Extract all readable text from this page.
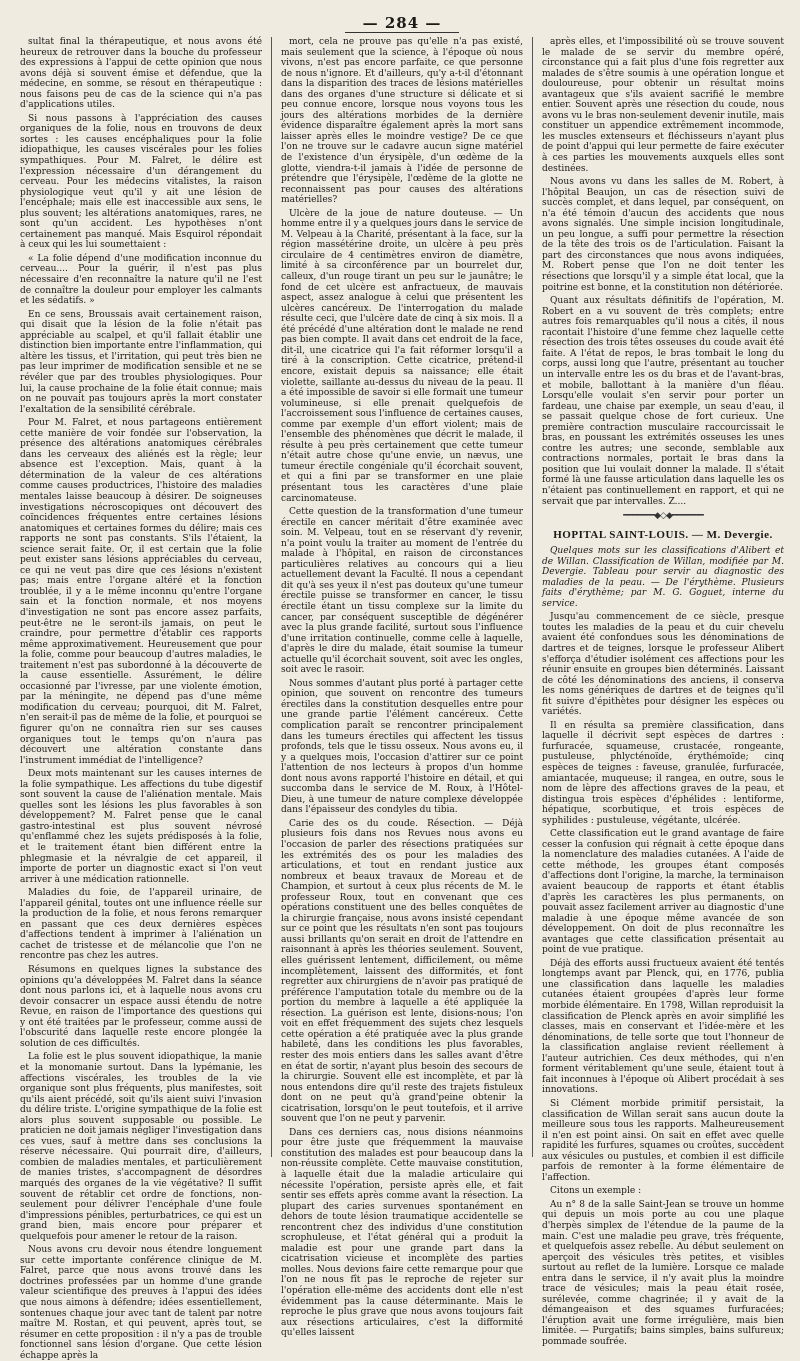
— 284 —

sultat final la thérapeutique, et nous avons été heureux de retrouver dans la bouche du professeur des expressions à l'appui de cette opinion que nous avons déjà si souvent émise et défendue, que la médecine, en somme, se résout en thérapeutique : nous faisons peu de cas de la science qui n'a pas d'applications utiles.

Si nous passons à l'appréciation des causes organiques de la folie, nous en trouvons de deux sortes : les causes encéphaliques pour la folie idiopathique, les causes viscérales pour les folies sympathiques. Pour M. Falret, le délire est l'expression nécessaire d'un dérangement du cerveau. Pour les médecins vitalistes, la raison physiologique veut qu'il y ait une lésion de l'encéphale; mais elle est inaccessible aux sens, le plus souvent; les altérations anatomiques, rares, ne sont qu'un accident. Les hypothèses n'ont certainement pas manqué. Mais Esquirol répondait à ceux qui les lui soumettaient :

« La folie dépend d'une modification inconnue du cerveau.... Pour la guérir, il n'est pas plus nécessaire d'en reconnaître la nature qu'il ne l'est de connaître la douleur pour employer les calmants et les sédatifs. »

En ce sens, Broussais avait certainement raison, qui disait que la lésion de la folie n'était pas appréciable au scalpel, et qu'il fallait établir une distinction bien importante entre l'inflammation, qui altère les tissus, et l'irritation, qui peut très bien ne pas leur imprimer de modification sensible et ne se révéler que par des troubles physiologiques. Pour lui, la cause prochaine de la folie était connue; mais on ne pouvait pas toujours après la mort constater l'exaltation de la sensibilité cérébrale.

Pour M. Falret, et nous partageons entièrement cette manière de voir fondée sur l'observation, la présence des altérations anatomiques cérébrales dans les cerveaux des aliénés est la règle; leur absence est l'exception. Mais, quant à la détermination de la valeur de ces altérations comme causes productrices, l'histoire des maladies mentales laisse beaucoup à désirer. De soigneuses investigations nécroscopiques ont découvert des coïncidences fréquentes entre certaines lésions anatomiques et certaines formes du délire; mais ces rapports ne sont pas constants. S'ils l'étaient, la science serait faite. Or, il est certain que la folie peut exister sans lésions appréciables du cerveau, ce qui ne veut pas dire que ces lésions n'existent pas; mais entre l'organe altéré et la fonction troublée, il y a le même inconnu qu'entre l'organe sain et la fonction normale, et nos moyens d'investigation ne sont pas encore assez parfaits, peut-être ne le seront-ils jamais, on peut le craindre, pour permettre d'établir ces rapports même approximativement. Heureusement que pour la folie, comme pour beaucoup d'autres maladies, le traitement n'est pas subordonné à la découverte de la cause essentielle. Assurément, le délire occasionné par l'ivresse, par une violente émotion, par la méningite, ne dépend pas d'une même modification du cerveau; pourquoi, dit M. Falret, n'en serait-il pas de même de la folie, et pourquoi se figurer qu'on ne connaîtra rien sur ses causes organiques tout le temps qu'on n'aura pas découvert une altération constante dans l'instrument immédiat de l'intelligence?

Deux mots maintenant sur les causes internes de la folie sympathique. Les affections du tube digestif sont souvent la cause de l'aliénation mentale. Mais quelles sont les lésions les plus favorables à son développement? M. Falret pense que le canal gastro-intestinal est plus souvent névrosé qu'enflammé chez les sujets prédisposés à la folie, et le traitement étant bien différent entre la phlegmasie et la névralgie de cet appareil, il importe de porter un diagnostic exact si l'on veut arriver à une médication rationnelle.

Maladies du foie, de l'appareil urinaire, de l'appareil génital, toutes ont une influence réelle sur la production de la folie, et nous ferons remarquer en passant que ces deux dernières espèces d'affections tendent à imprimer à l'aliénation un cachet de tristesse et de mélancolie que l'on ne rencontre pas chez les autres.

Résumons en quelques lignes la substance des opinions qu'a développées M. Falret dans la séance dont nous parlons ici, et à laquelle nous avons cru devoir consacrer un espace aussi étendu de notre Revue, en raison de l'importance des questions qui y ont été traitées par le professeur, comme aussi de l'obscurité dans laquelle reste encore plongée la solution de ces difficultés.

La folie est le plus souvent idiopathique, la manie et la monomanie surtout. Dans la lypémanie, les affections viscérales, les troubles de la vie organique sont plus fréquents, plus manifestes, soit qu'ils aient précédé, soit qu'ils aient suivi l'invasion du délire triste. L'origine sympathique de la folie est alors plus souvent supposable ou possible. Le praticien ne doit jamais négliger l'investigation dans ces vues, sauf à mettre dans ses conclusions la réserve nécessaire. Qui pourrait dire, d'ailleurs, combien de maladies mentales, et particulièrement de manies tristes, s'accompagnent de désordres marqués des organes de la vie végétative? Il suffit souvent de rétablir cet ordre de fonctions, non-seulement pour délivrer l'encéphale d'une foule d'impressions pénibles, perturbatrices, ce qui est un grand bien, mais encore pour préparer et quelquefois pour amener le retour de la raison.

Nous avons cru devoir nous étendre longuement sur cette importante conférence clinique de M. Falret, parce que nous avons trouvé dans les doctrines professées par un homme d'une grande valeur scientifique des preuves à l'appui des idées que nous aimons à défendre; idées essentiellement, sontenues chaque jour avec tant de talent par notre maître M. Rostan, et qui peuvent, après tout, se résumer en cette proposition : il n'y a pas de trouble fonctionnel sans lésion d'organe. Que cette lésion échappe après la

mort, cela ne prouve pas qu'elle n'a pas existé, mais seulement que la science, à l'époque où nous vivons, n'est pas encore parfaite, ce que personne de nous n'ignore. Et d'ailleurs, qu'y a-t-il d'étonnant dans la disparition des traces de lésions matérielles dans des organes d'une structure si délicate et si peu connue encore, lorsque nous voyons tous les jours des altérations morbides de la dernière évidence disparaître également après la mort sans laisser après elles le moindre vestige? De ce que l'on ne trouve sur le cadavre aucun signe matériel de l'existence d'un érysipèle, d'un œdème de la glotte, viendra-t-il jamais à l'idée de personne de prétendre que l'érysipèle, l'œdème de la glotte ne reconnaissent pas pour causes des altérations matérielles?

Ulcère de la joue de nature douteuse. — Un homme entre il y a quelques jours dans le service de M. Velpeau à la Charité, présentant à la face, sur la région massétérine droite, un ulcère à peu près circulaire de 4 centimètres environ de diamètre, limité à sa circonférence par un bourrelet dur, calleux, d'un rouge tirant un peu sur le jaunâtre; le fond de cet ulcère est anfractueux, de mauvais aspect, assez analogue à celui que présentent les ulcères cancéreux. De l'interrogation du malade résulte ceci, que l'ulcère date de cinq à six mois. Il a été précédé d'une altération dont le malade ne rend pas bien compte. Il avait dans cet endroit de la face, dit-il, une cicatrice qui l'a fait réformer lorsqu'il a tiré à la conscription. Cette cicatrice, prétend-il encore, existait depuis sa naissance; elle était violette, saillante au-dessus du niveau de la peau. Il a été impossible de savoir si elle formait une tumeur volumineuse, si elle prenait quelquefois de l'accroissement sous l'influence de certaines causes, comme par exemple d'un effort violent; mais de l'ensemble des phénomènes que décrit le malade, il résulte à peu près certainement que cette tumeur n'était autre chose qu'une envie, un nævus, une tumeur érectile congéniale qu'il écorchait souvent, et qui a fini par se transformer en une plaie présentant tous les caractères d'une plaie carcinomateuse.

Cette question de la transformation d'une tumeur érectile en cancer méritait d'être examinée avec soin. M. Velpeau, tout en se réservant d'y revenir, n'a point voulu la traiter au moment de l'entrée du malade à l'hôpital, en raison de circonstances particulières relatives au concours qui a lieu actuellement devant la Faculté. Il nous a cependant dit qu'à ses yeux il n'est pas douteux qu'une tumeur érectile puisse se transformer en cancer, le tissu érectile étant un tissu complexe sur la limite du cancer, par conséquent susceptible de dégénérer avec la plus grande facilité, surtout sous l'influence d'une irritation continuelle, comme celle à laquelle, d'après le dire du malade, était soumise la tumeur actuelle qu'il écorchait souvent, soit avec les ongles, soit avec le rasoir.

Nous sommes d'autant plus porté à partager cette opinion, que souvent on rencontre des tumeurs érectiles dans la constitution desquelles entre pour une grande partie l'élément cancéreux. Cette complication paraît se rencontrer principalement dans les tumeurs érectiles qui affectent les tissus profonds, tels que le tissu osseux. Nous avons eu, il y a quelques mois, l'occasion d'attirer sur ce point l'attention de nos lecteurs à propos d'un homme dont nous avons rapporté l'histoire en détail, et qui succomba dans le service de M. Roux, à l'Hôtel-Dieu, à une tumeur de nature complexe développée dans l'épaisseur des condyles du tibia.

Carie des os du coude. Résection. — Déjà plusieurs fois dans nos Revues nous avons eu l'occasion de parler des résections pratiquées sur les extrémités des os pour les maladies des articulations, et tout en rendant justice aux nombreux et beaux travaux de Moreau et de Champion, et surtout à ceux plus récents de M. le professeur Roux, tout en convenant que ces opérations constituent une des belles conquêtes de la chirurgie française, nous avons insisté cependant sur ce point que les résultats n'en sont pas toujours aussi brillants qu'on serait en droit de l'attendre en raisonnant à après les théories seulement. Souvent, elles guérissent lentement, difficilement, ou même incomplètement, laissent des difformités, et font regretter aux chirurgiens de n'avoir pas pratiqué de préférence l'amputation totale du membre ou de la portion du membre à laquelle a été appliquée la résection. La guérison est lente, disions-nous; l'on voit en effet fréquemment des sujets chez lesquels cette opération a été pratiquée avec la plus grande habileté, dans les conditions les plus favorables, rester des mois entiers dans les salles avant d'être en état de sortir, n'ayant plus besoin des secours de la chirurgie. Souvent elle est incomplète, et par là nous entendons dire qu'il reste des trajets fistuleux dont on ne peut qu'à grand'peine obtenir la cicatrisation, lorsqu'on le peut toutefois, et il arrive souvent que l'on ne peut y parvenir.

Dans ces derniers cas, nous disions néanmoins pour être juste que fréquemment la mauvaise constitution des malades est pour beaucoup dans la non-réussite complète. Cette mauvaise constitution, à laquelle était due la maladie articulaire qui nécessite l'opération, persiste après elle, et fait sentir ses effets après comme avant la résection. La plupart des caries survenues spontanément en dehors de toute lésion traumatique accidentelle se rencontrent chez des individus d'une constitution scrophuleuse, et l'état général qui a produit la maladie est pour une grande part dans la cicatrisation vicieuse et incomplète des parties molles. Nous devions faire cette remarque pour que l'on ne nous fît pas le reproche de rejeter sur l'opération elle-même des accidents dont elle n'est évidemment pas la cause déterminante. Mais le reproche le plus grave que nous avons toujours fait aux résections articulaires, c'est la difformité qu'elles laissent

après elles, et l'impossibilité où se trouve souvent le malade de se servir du membre opéré, circonstance qui a fait plus d'une fois regretter aux malades de s'être soumis à une opération longue et douloureuse, pour obtenir un résultat moins avantageux que s'ils avaient sacrifié le membre entier. Souvent après une résection du coude, nous avons vu le bras non-seulement devenir inutile, mais constituer un appendice extrêmement incommode, les muscles extenseurs et fléchisseurs n'ayant plus de point d'appui qui leur permette de faire exécuter à ces parties les mouvements auxquels elles sont destinées.

Nous avons vu dans les salles de M. Robert, à l'hôpital Beaujon, un cas de résection suivi de succès complet, et dans lequel, par conséquent, on n'a été témoin d'aucun des accidents que nous avons signalés. Une simple incision longitudinale, un peu longue, a suffi pour permettre la résection de la tête des trois os de l'articulation. Faisant la part des circonstances que nous avons indiquées, M. Robert pense que l'on ne doit tenter les résections que lorsqu'il y a simple état local, que la poitrine est bonne, et la constitution non détériorée.

Quant aux résultats définitifs de l'opération, M. Robert en a vu souvent de très complets; entre autres fois remarquables qu'il nous a cités, il nous racontait l'histoire d'une femme chez laquelle cette résection des trois têtes osseuses du coude avait été faite. A l'état de repos, le bras tombait le long du corps, aussi long que l'autre, présentant au toucher un intervalle entre les os du bras et de l'avant-bras, et mobile, ballottant à la manière d'un fléau. Lorsqu'elle voulait s'en servir pour porter un fardeau, une chaise par exemple, un seau d'eau, il se passait quelque chose de fort curieux. Une première contraction musculaire raccourcissait le bras, en poussant les extrémités osseuses les unes contre les autres; une seconde, semblable aux contractions normales, portait le bras dans la position que lui voulait donner la malade. Il s'était formé là une fausse articulation dans laquelle les os n'étaient pas continuellement en rapport, et qui ne servait que par intervalles. Z....

━━━━━━━◆◇◆━━━━━━━
HOPITAL SAINT-LOUIS. — M. Devergie.

Quelques mots sur les classifications d'Alibert et de Willan. Classification de Willan, modifiée par M. Devergie. Tableau pour servir au diagnostic des maladies de la peau. — De l'érythème. Plusieurs faits d'érythème; par M. G. Goguet, interne du service.

Jusqu'au commencement de ce siècle, presque toutes les maladies de la peau et du cuir chevelu avaient été confondues sous les dénominations de dartres et de teignes, lorsque le professeur Alibert s'efforça d'étudier isolément ces affections pour les réunir ensuite en groupes bien déterminés. Laissant de côté les dénominations des anciens, il conserva les noms génériques de dartres et de teignes qu'il fit suivre d'épithètes pour désigner les espèces ou variétés.

Il en résulta sa première classification, dans laquelle il décrivit sept espèces de dartres : furfuracée, squameuse, crustacée, rongeante, pustuleuse, phlycténoïde, érythémoïde; cinq espèces de teignes : faveuse, granulée, furfuracée, amiantacée, muqueuse; il rangea, en outre, sous le nom de lèpre des affections graves de la peau, et distingua trois espèces d'éphélides : lentiforme, hépatique, scorbutique, et trois espèces de syphilides : pustuleuse, végétante, ulcérée.

Cette classification eut le grand avantage de faire cesser la confusion qui régnait à cette époque dans la nomenclature des maladies cutanées. A l'aide de cette méthode, les groupes étant composés d'affections dont l'origine, la marche, la terminaison avaient beaucoup de rapports et étant établis d'après les caractères les plus permanents, on pouvait assez facilement arriver au diagnostic d'une maladie à une époque même avancée de son développement. On doit de plus reconnaître les avantages que cette classification présentait au point de vue pratique.

Déjà des efforts aussi fructueux avaient été tentés longtemps avant par Plenck, qui, en 1776, publia une classification dans laquelle les maladies cutanées étaient groupées d'après leur forme morbide élémentaire. En 1798, Willan reproduisit la classification de Plenck après en avoir simplifié les classes, mais en conservant et l'idée-mère et les dénominations, de telle sorte que tout l'honneur de la classification anglaise revient réellement à l'auteur autrichien. Ces deux méthodes, qui n'en forment véritablement qu'une seule, étaient tout à fait inconnues à l'époque où Alibert procédait à ses innovations.

Si Clément morbide primitif persistait, la classification de Willan serait sans aucun doute la meilleure sous tous les rapports. Malheureusement il n'en est point ainsi. On sait en effet avec quelle rapidité les furfures, squames ou croûtes, succèdent aux vésicules ou pustules, et combien il est difficile parfois de remonter à la forme élémentaire de l'affection.

Citons un exemple :

Au n° 8 de la salle Saint-Jean se trouve un homme qui depuis un mois porte au cou une plaque d'herpès simplex de l'étendue de la paume de la main. C'est une maladie peu grave, très fréquente, et quelquefois assez rebelle. Au début seulement on aperçoit des vésicules très petites, et visibles surtout au reflet de la lumière. Lorsque ce malade entra dans le service, il n'y avait plus la moindre trace de vésicules; mais la peau était rosée, surélevée, comme chagrinée; il y avait de la démangeaison et des squames furfuracées; l'éruption avait une forme irrégulière, mais bien limitée. — Purgatifs; bains simples, bains sulfureux; pommade soufrée.
